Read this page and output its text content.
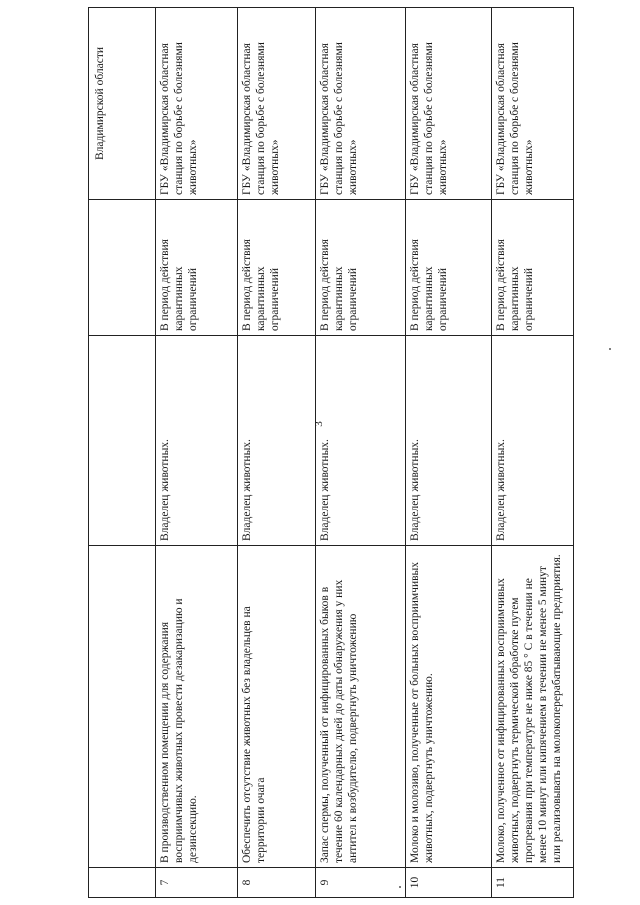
3
				Владимирской области
7	В производственном помещении для содержания восприимчивых животных провести дезакаризацию и дезинсекцию.	Владелец животных.	В период действия карантинных ограничений	ГБУ «Владимирская областная станция по борьбе с болезнями животных»
8	Обеспечить отсутствие животных без владельцев на территории очага	Владелец животных.	В период действия карантинных ограничений	ГБУ «Владимирская областная станция по борьбе с болезнями животных»
9	Запас спермы, полученный от инфицированных быков в течение 60 календарных дней до даты обнаружения у них антител к возбудителю, подвергнуть уничтожению	Владелец животных.	В период действия карантинных ограничений	ГБУ «Владимирская областная станция по борьбе с болезнями животных»
10	Молоко и молозиво, полученные от больных восприимчивых животных, подвергнуть уничтожению.	Владелец животных.	В период действия карантинных ограничений	ГБУ «Владимирская областная станция по борьбе с болезнями животных»
11	Молоко, полученное от инфицированных восприимчивых животных, подвергнуть термической обработке путем прогревания при температуре не ниже 85 ° С в течении не менее 10 минут или кипячением в течении не менее 5 минут или реализовывать на молокоперерабатывающие предприятия.	Владелец животных.	В период действия карантинных ограничений	ГБУ «Владимирская областная станция по борьбе с болезнями животных»
